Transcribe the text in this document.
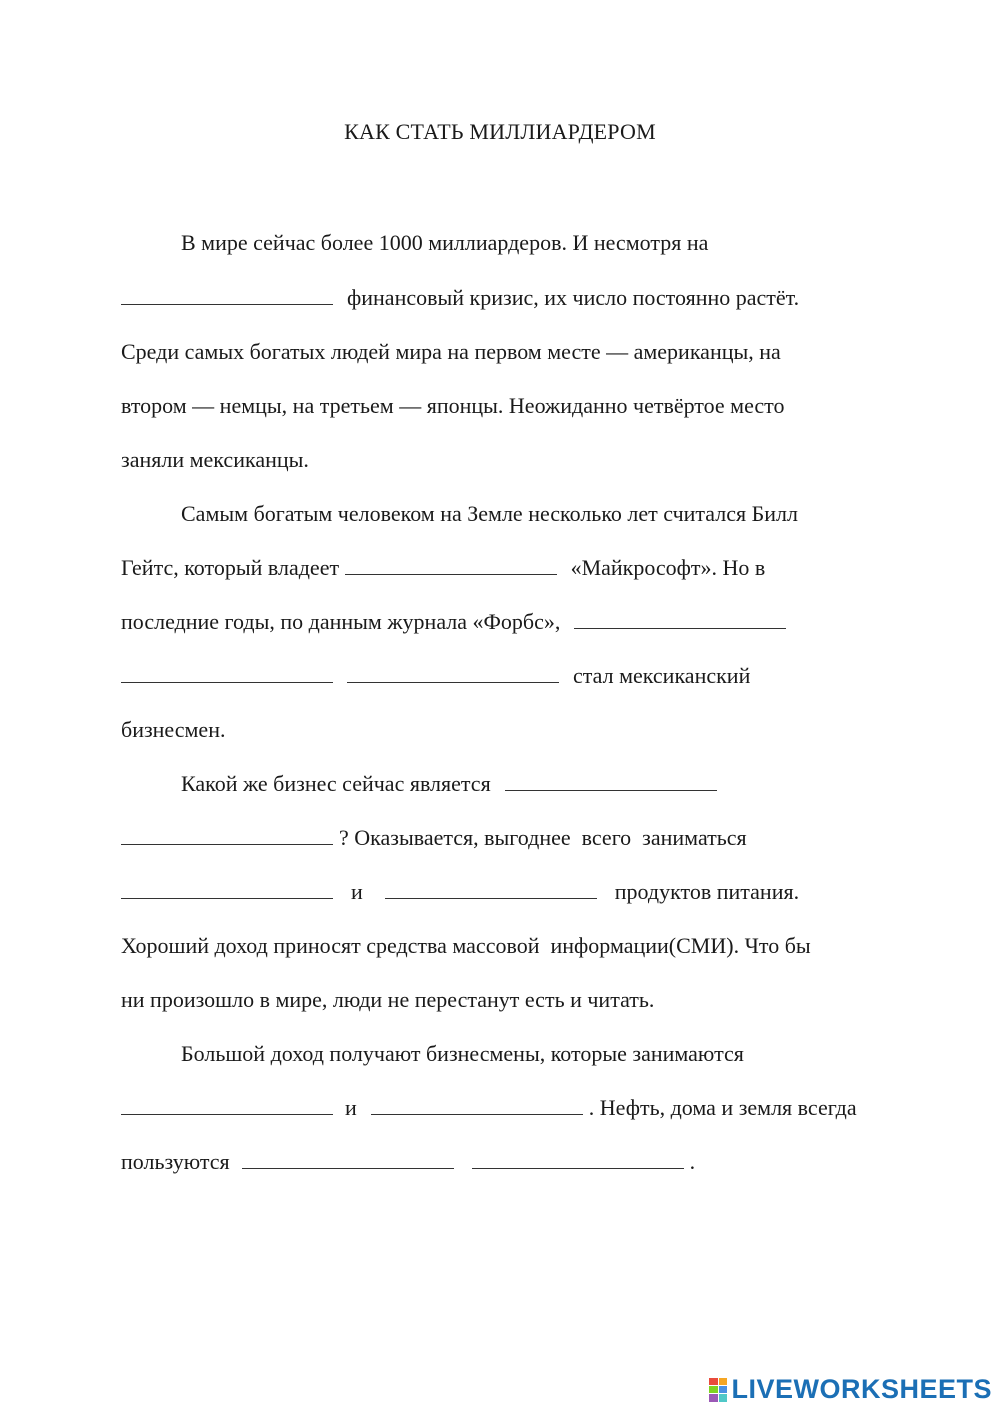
КАК СТАТЬ МИЛЛИАРДЕРОМ
В мире сейчас более 1000 миллиардеров. И несмотря на
финансовый кризис, их число постоянно растёт.
Среди самых богатых людей мира на первом месте — американцы, на
втором — немцы, на третьем — японцы. Неожиданно четвёртое место
заняли мексиканцы.
Самым богатым человеком на Земле несколько лет считался Билл
Гейтс, который владеет	«Майкрософт». Но в
последние годы, по данным журнала «Форбс»,
стал мексиканский
бизнесмен.
Какой же бизнес сейчас является
? Оказывается, выгоднее  всего  заниматься
и	продуктов питания.
Хороший доход приносят средства массовой  информации(СМИ). Что бы
ни произошло в мире, люди не перестанут есть и читать.
Большой доход получают бизнесмены, которые занимаются
и	. Нефть, дома и земля всегда
пользуются	.
LIVEWORKSHEETS
